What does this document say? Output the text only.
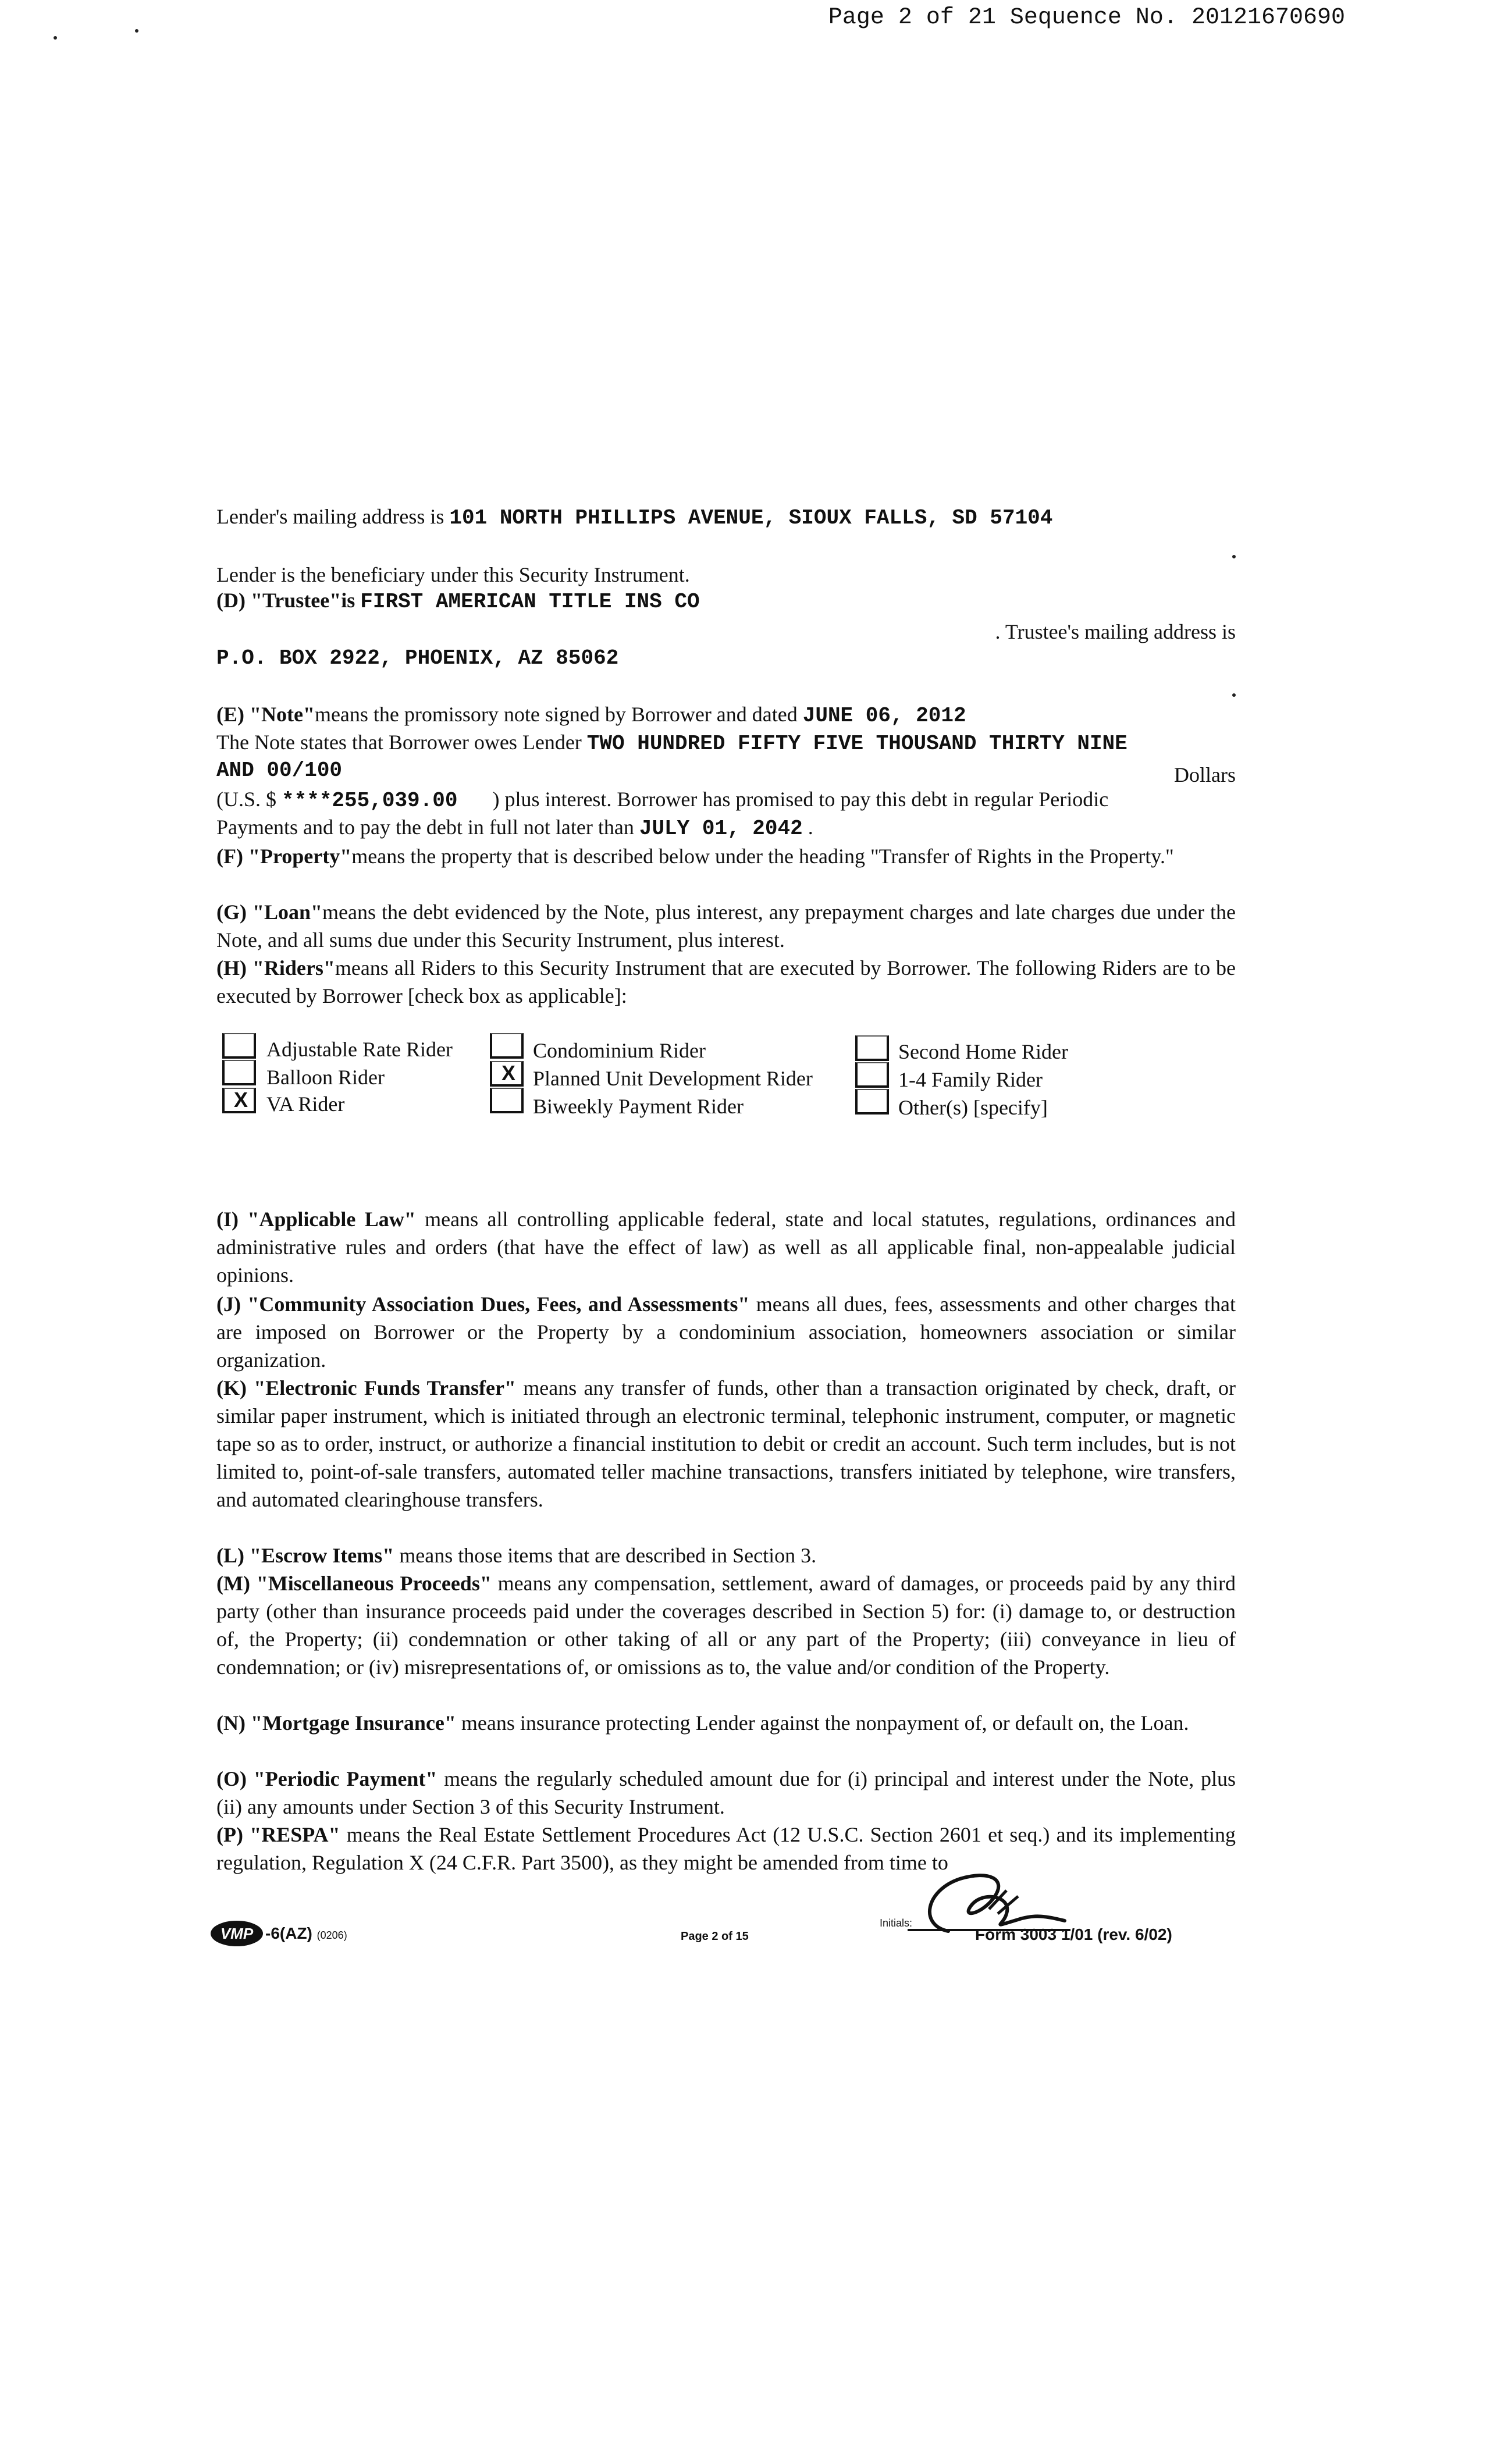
Page 2 of 21 Sequence No. 20121670690
Lender's mailing address is 101 NORTH PHILLIPS AVENUE, SIOUX FALLS, SD 57104
Lender is the beneficiary under this Security Instrument.
(D) "Trustee"is FIRST AMERICAN TITLE INS CO
. Trustee's mailing address is
P.O. BOX 2922, PHOENIX, AZ 85062
(E) "Note"means the promissory note signed by Borrower and dated JUNE 06, 2012
The Note states that Borrower owes Lender TWO HUNDRED FIFTY FIVE THOUSAND THIRTY NINE
AND 00/100	Dollars
(U.S. $ ****255,039.00 ) plus interest. Borrower has promised to pay this debt in regular Periodic
Payments and to pay the debt in full not later than JULY 01, 2042 .
(F) "Property"means the property that is described below under the heading "Transfer of Rights in the Property."
(G) "Loan"means the debt evidenced by the Note, plus interest, any prepayment charges and late charges due under the Note, and all sums due under this Security Instrument, plus interest.
(H) "Riders"means all Riders to this Security Instrument that are executed by Borrower. The following Riders are to be executed by Borrower [check box as applicable]:
Adjustable Rate Rider
Balloon Rider
X
VA Rider
Condominium Rider
X
Planned Unit Development Rider
Biweekly Payment Rider
Second Home Rider
1-4 Family Rider
Other(s) [specify]
(I) "Applicable Law" means all controlling applicable federal, state and local statutes, regulations, ordinances and administrative rules and orders (that have the effect of law) as well as all applicable final, non-appealable judicial opinions.
(J) "Community Association Dues, Fees, and Assessments" means all dues, fees, assessments and other charges that are imposed on Borrower or the Property by a condominium association, homeowners association or similar organization.
(K) "Electronic Funds Transfer" means any transfer of funds, other than a transaction originated by check, draft, or similar paper instrument, which is initiated through an electronic terminal, telephonic instrument, computer, or magnetic tape so as to order, instruct, or authorize a financial institution to debit or credit an account. Such term includes, but is not limited to, point-of-sale transfers, automated teller machine transactions, transfers initiated by telephone, wire transfers, and automated clearinghouse transfers.
(L) "Escrow Items" means those items that are described in Section 3.
(M) "Miscellaneous Proceeds" means any compensation, settlement, award of damages, or proceeds paid by any third party (other than insurance proceeds paid under the coverages described in Section 5) for: (i) damage to, or destruction of, the Property; (ii) condemnation or other taking of all or any part of the Property; (iii) conveyance in lieu of condemnation; or (iv) misrepresentations of, or omissions as to, the value and/or condition of the Property.
(N) "Mortgage Insurance" means insurance protecting Lender against the nonpayment of, or default on, the Loan.
(O) "Periodic Payment" means the regularly scheduled amount due for (i) principal and interest under the Note, plus (ii) any amounts under Section 3 of this Security Instrument.
(P) "RESPA" means the Real Estate Settlement Procedures Act (12 U.S.C. Section 2601 et seq.) and its implementing regulation, Regulation X (24 C.F.R. Part 3500), as they might be amended from time to
VMP -6(AZ) (0206)	Page 2 of 15
Initials:
Form 3003 1/01 (rev. 6/02)
